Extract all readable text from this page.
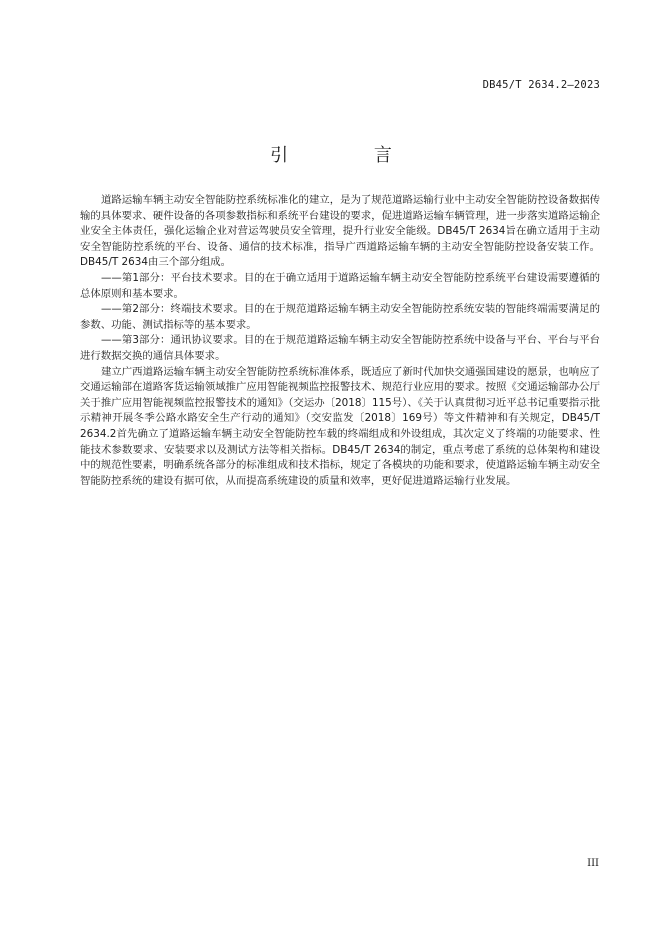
DB45/T 2634.2—2023
引 言

道路运输车辆主动安全智能防控系统标准化的建立，是为了规范道路运输行业中主动安全智能防控设备数据传输的具体要求、硬件设备的各项参数指标和系统平台建设的要求，促进道路运输车辆管理，进一步落实道路运输企业安全主体责任，强化运输企业对营运驾驶员安全管理，提升行业安全能级。DB45/T 2634旨在确立适用于主动安全智能防控系统的平台、设备、通信的技术标准，指导广西道路运输车辆的主动安全智能防控设备安装工作。DB45/T 2634由三个部分组成。

——第1部分：平台技术要求。目的在于确立适用于道路运输车辆主动安全智能防控系统平台建设需要遵循的总体原则和基本要求。

——第2部分：终端技术要求。目的在于规范道路运输车辆主动安全智能防控系统安装的智能终端需要满足的参数、功能、测试指标等的基本要求。

——第3部分：通讯协议要求。目的在于规范道路运输车辆主动安全智能防控系统中设备与平台、平台与平台进行数据交换的通信具体要求。

建立广西道路运输车辆主动安全智能防控系统标准体系，既适应了新时代加快交通强国建设的愿景，也响应了交通运输部在道路客货运输领域推广应用智能视频监控报警技术、规范行业应用的要求。按照《交通运输部办公厅关于推广应用智能视频监控报警技术的通知》（交运办〔2018〕115号）、《关于认真贯彻习近平总书记重要指示批示精神开展冬季公路水路安全生产行动的通知》（交安监发〔2018〕169号）等文件精神和有关规定，DB45/T 2634.2首先确立了道路运输车辆主动安全智能防控车载的终端组成和外设组成，其次定义了终端的功能要求、性能技术参数要求、安装要求以及测试方法等相关指标。DB45/T 2634的制定，重点考虑了系统的总体架构和建设中的规范性要素，明确系统各部分的标准组成和技术指标，规定了各模块的功能和要求，使道路运输车辆主动安全智能防控系统的建设有据可依，从而提高系统建设的质量和效率，更好促进道路运输行业发展。

III
